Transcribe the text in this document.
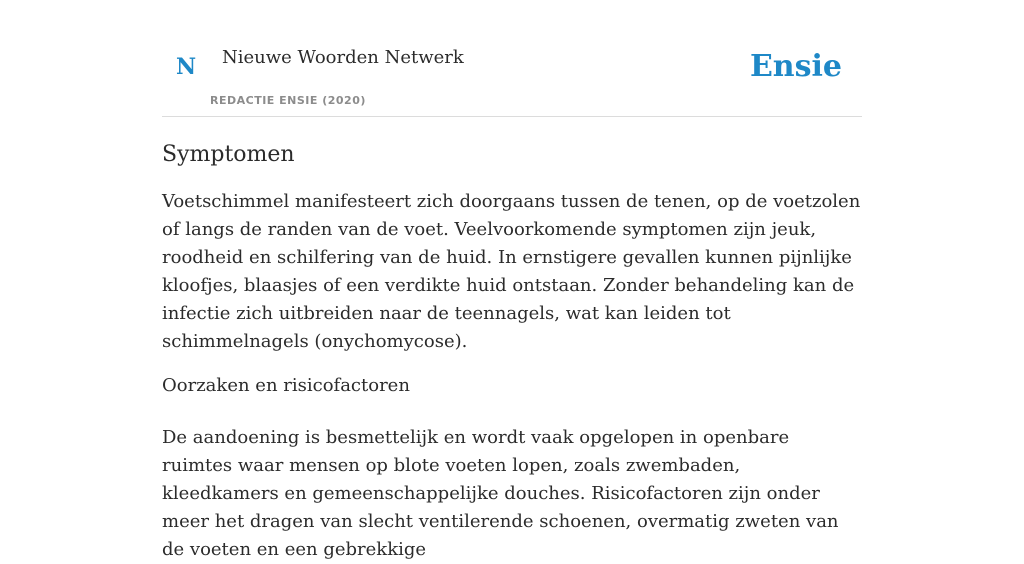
N Nieuwe Woorden Netwerk
REDACTIE ENSIE (2020)
Ensie
Symptomen

Voetschimmel manifesteert zich doorgaans tussen de tenen, op de voetzolen of langs de randen van de voet. Veelvoorkomende symptomen zijn jeuk, roodheid en schilfering van de huid. In ernstigere gevallen kunnen pijnlijke kloofjes, blaasjes of een verdikte huid ontstaan. Zonder behandeling kan de infectie zich uitbreiden naar de teennagels, wat kan leiden tot schimmelnagels (onychomycose).

Oorzaken en risicofactoren

De aandoening is besmettelijk en wordt vaak opgelopen in openbare ruimtes waar mensen op blote voeten lopen, zoals zwembaden, kleedkamers en gemeenschappelijke douches. Risicofactoren zijn onder meer het dragen van slecht ventilerende schoenen, overmatig zweten van de voeten en een gebrekkige
